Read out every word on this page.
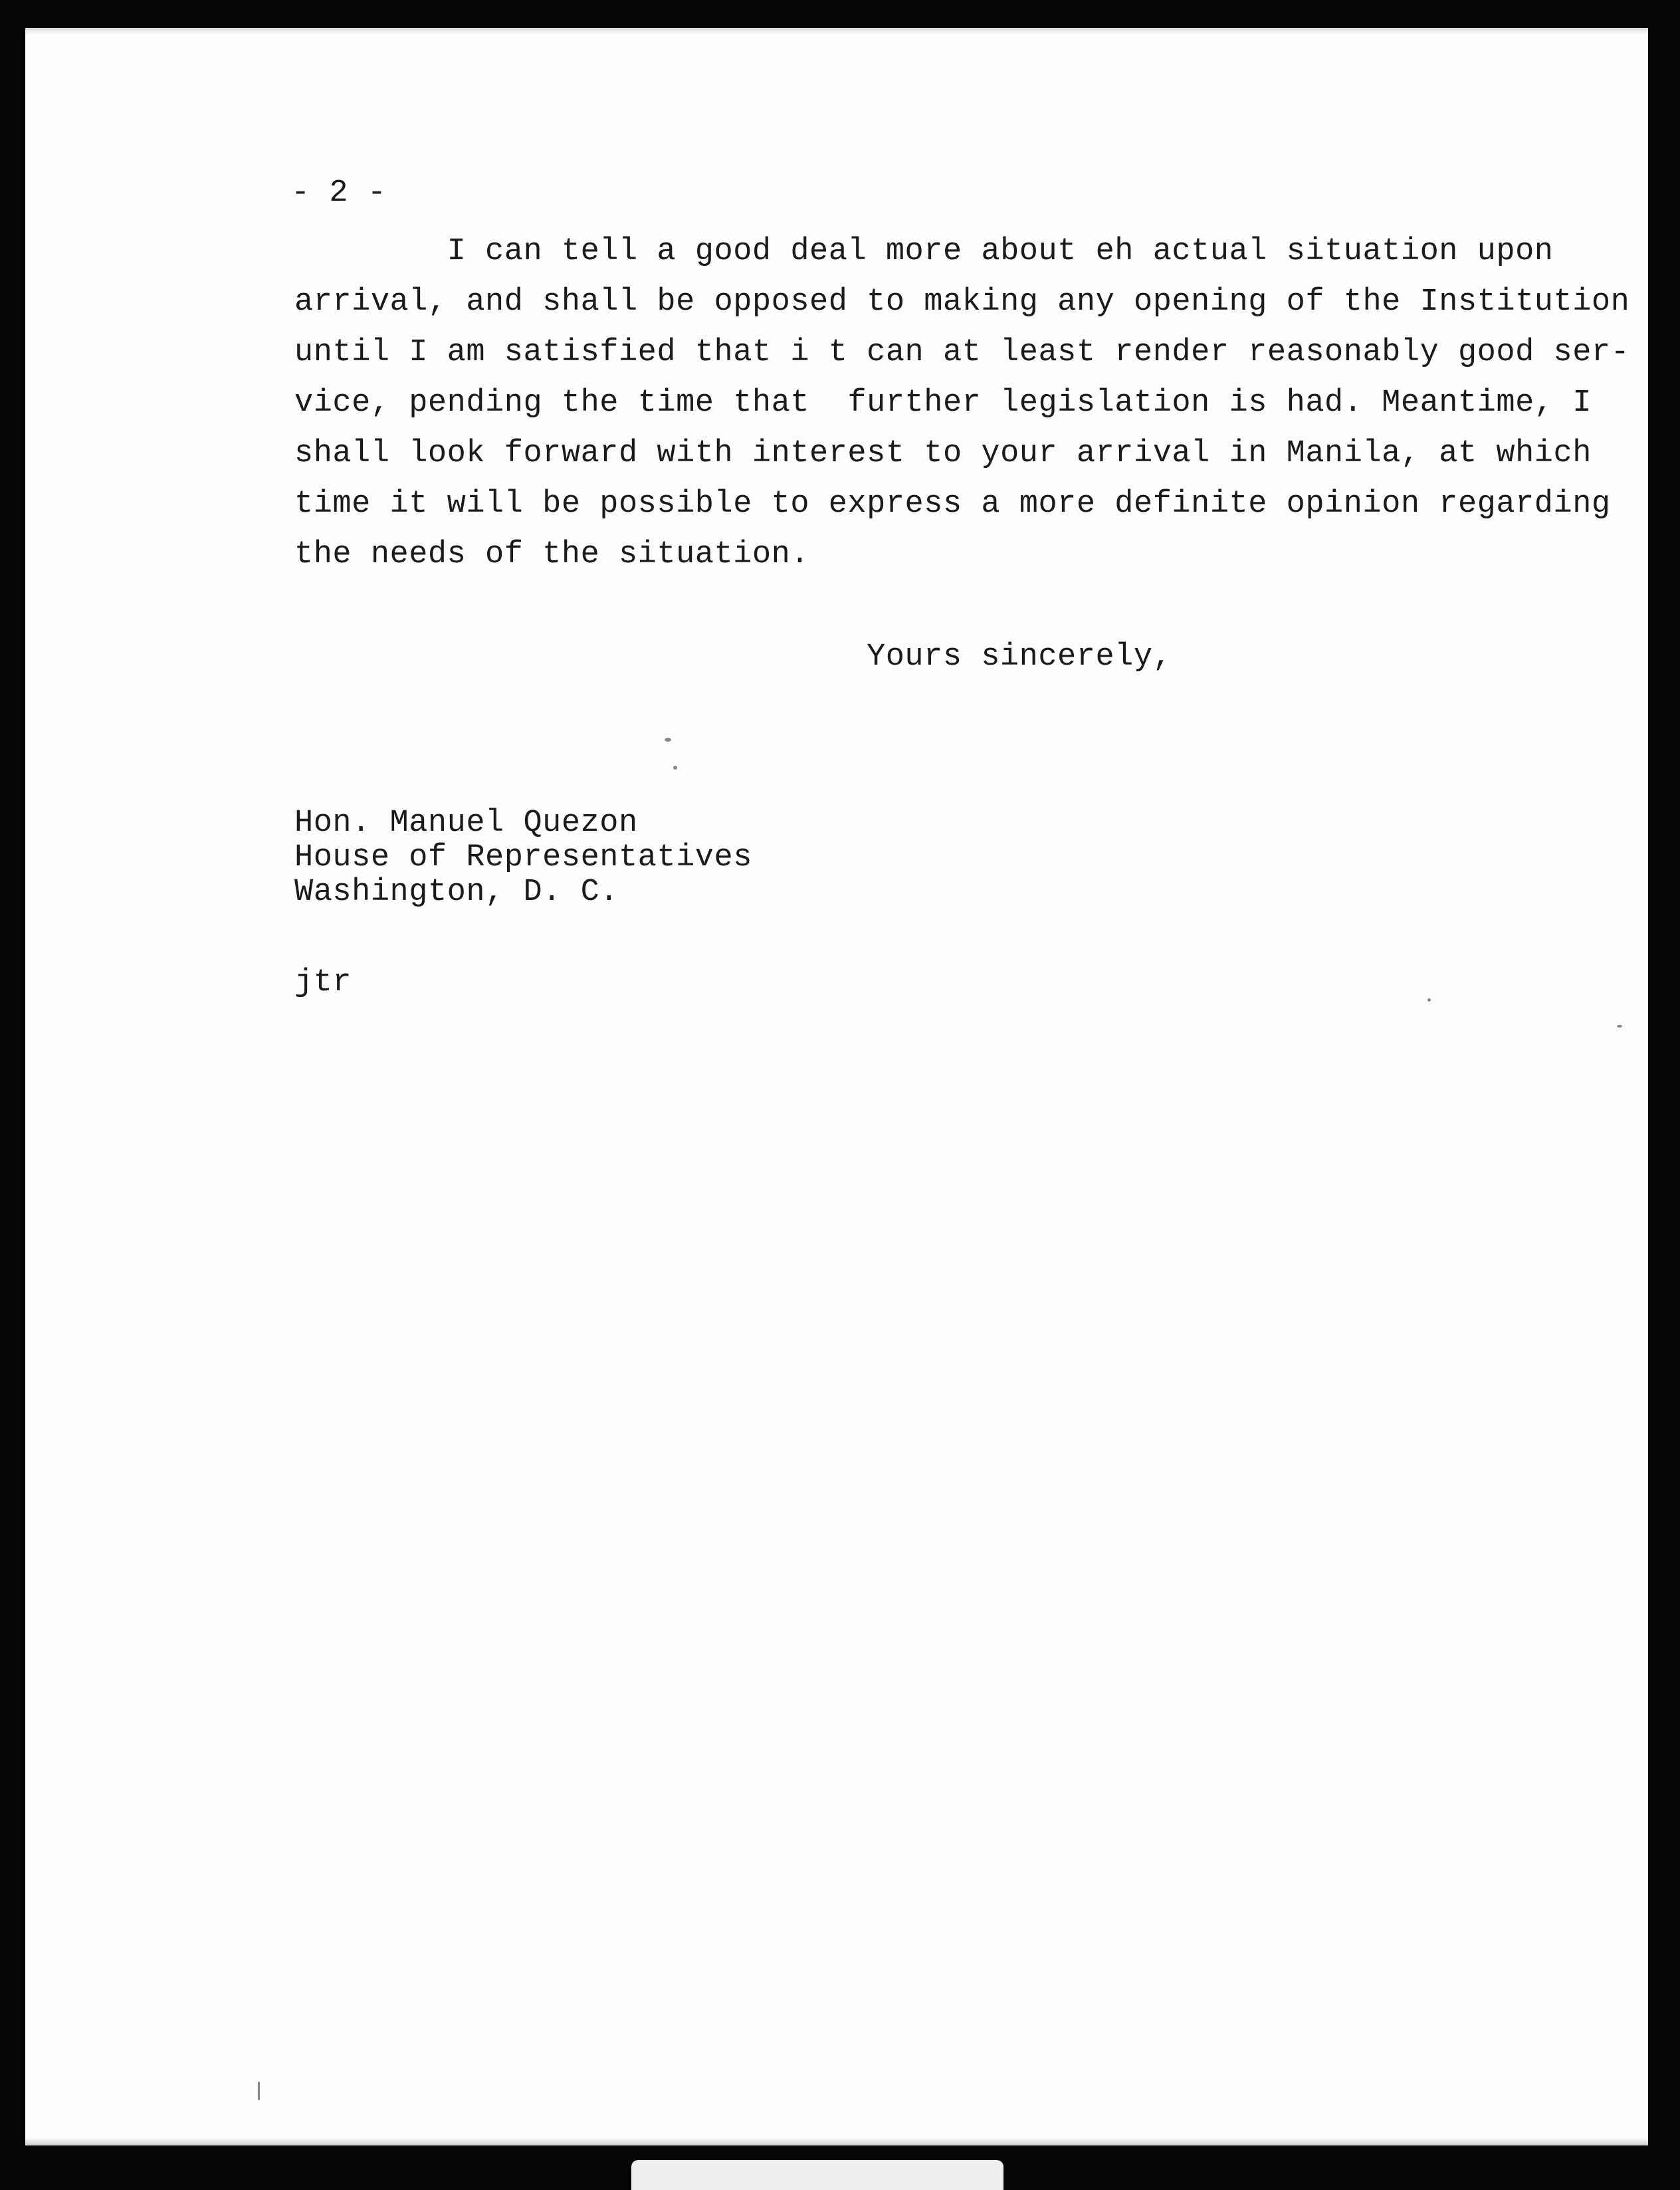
- 2 -
I can tell a good deal more about eh actual situation upon
arrival, and shall be opposed to making any opening of the Institution
until I am satisfied that i t can at least render reasonably good ser-
vice, pending the time that  further legislation is had. Meantime, I
shall look forward with interest to your arrival in Manila, at which
time it will be possible to express a more definite opinion regarding
the needs of the situation.
Yours sincerely,
Hon. Manuel Quezon
House of Representatives
Washington, D. C.
jtr
